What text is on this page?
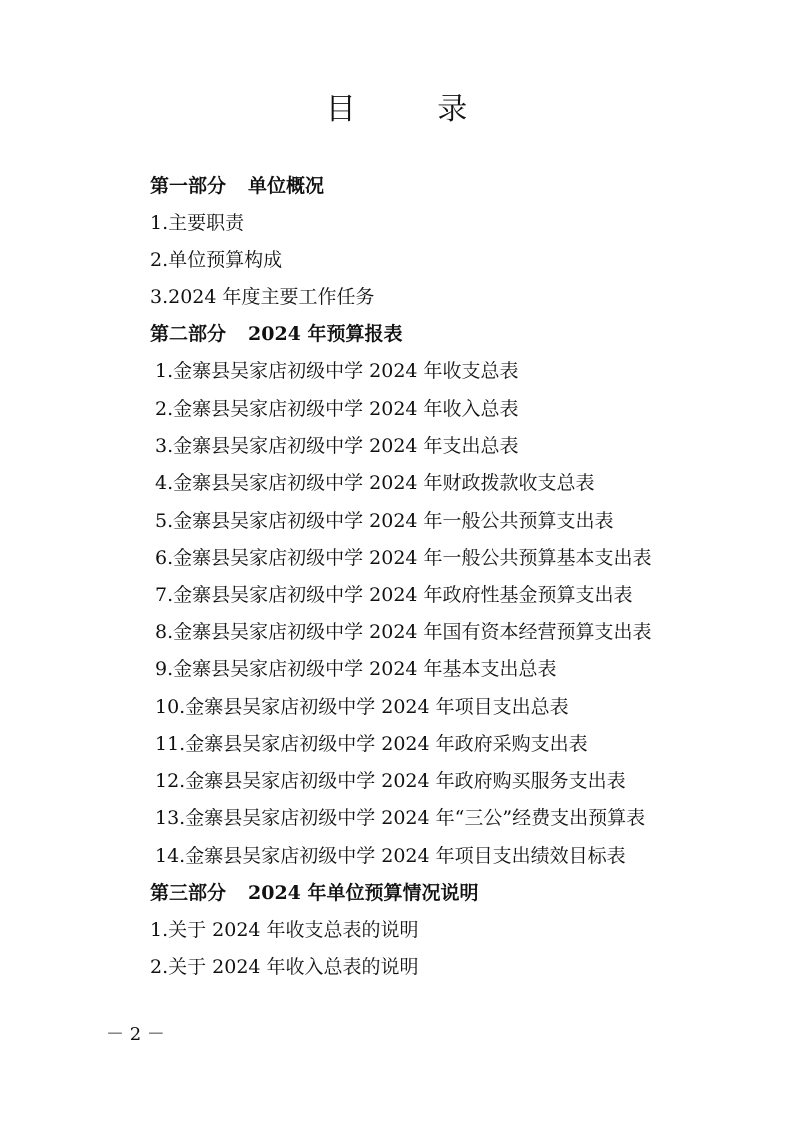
目 录
第一部分 单位概况
1.主要职责
2.单位预算构成
3.2024 年度主要工作任务
第二部分 2024 年预算报表
1.金寨县吴家店初级中学 2024 年收支总表
2.金寨县吴家店初级中学 2024 年收入总表
3.金寨县吴家店初级中学 2024 年支出总表
4.金寨县吴家店初级中学 2024 年财政拨款收支总表
5.金寨县吴家店初级中学 2024 年一般公共预算支出表
6.金寨县吴家店初级中学 2024 年一般公共预算基本支出表
7.金寨县吴家店初级中学 2024 年政府性基金预算支出表
8.金寨县吴家店初级中学 2024 年国有资本经营预算支出表
9.金寨县吴家店初级中学 2024 年基本支出总表
10.金寨县吴家店初级中学 2024 年项目支出总表
11.金寨县吴家店初级中学 2024 年政府采购支出表
12.金寨县吴家店初级中学 2024 年政府购买服务支出表
13.金寨县吴家店初级中学 2024 年“三公”经费支出预算表
14.金寨县吴家店初级中学 2024 年项目支出绩效目标表
第三部分 2024 年单位预算情况说明
1.关于 2024 年收支总表的说明
2.关于 2024 年收入总表的说明
－ 2 －
